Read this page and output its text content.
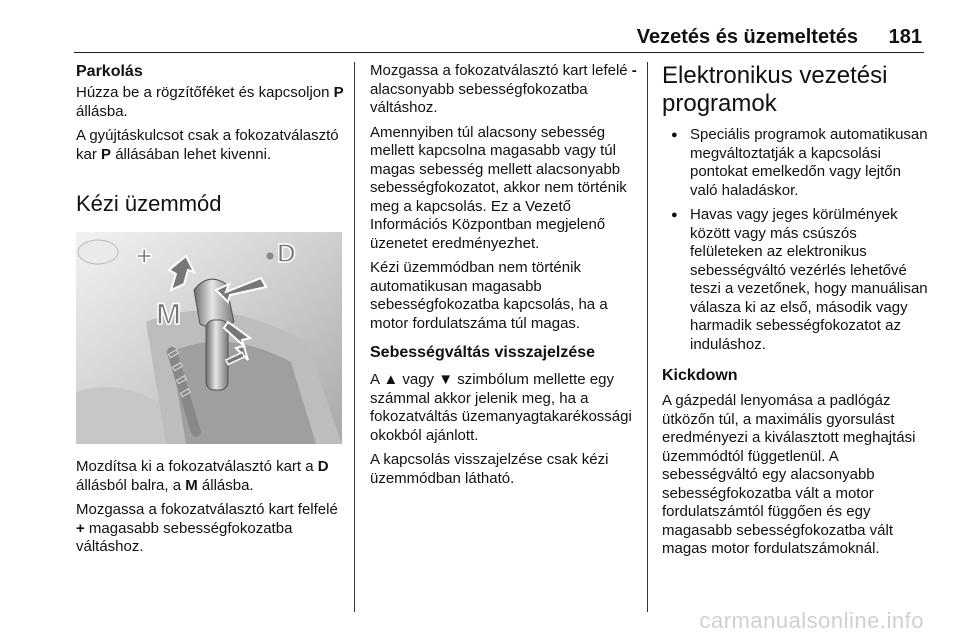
Vezetés és üzemeltetés 181
Parkolás

Húzza be a rögzítőféket és kapcsoljon P állásba.

A gyújtáskulcsot csak a fokozatválasztó kar P állásában lehet kivenni.

Kézi üzemmód
+	D
M

Mozdítsa ki a fokozatválasztó kart a D állásból balra, a M állásba.

Mozgassa a fokozatválasztó kart felfelé + magasabb sebességfokozatba váltáshoz.

Mozgassa a fokozatválasztó kart lefelé - alacsonyabb sebességfokozatba váltáshoz.

Amennyiben túl alacsony sebesség mellett kapcsolna magasabb vagy túl magas sebesség mellett alacsonyabb sebességfokozatot, akkor nem történik meg a kapcsolás. Ez a Vezető Információs Központban megjelenő üzenetet eredményezhet.

Kézi üzemmódban nem történik automatikusan magasabb sebességfokozatba kapcsolás, ha a motor fordulatszáma túl magas.

Sebességváltás visszajelzése

A ▲ vagy ▼ szimbólum mellette egy számmal akkor jelenik meg, ha a fokozatváltás üzemanyagtakarékossági okokból ajánlott.

A kapcsolás visszajelzése csak kézi üzemmódban látható.

Elektronikus vezetési programok
● Speciális programok automatikusan megváltoztatják a kapcsolási pontokat emelkedőn vagy lejtőn való haladáskor.
● Havas vagy jeges körülmények között vagy más csúszós felületeken az elektronikus sebességváltó vezérlés lehetővé teszi a vezetőnek, hogy manuálisan válasza ki az első, második vagy harmadik sebességfokozatot az induláshoz.
Kickdown

A gázpedál lenyomása a padlógáz ütközőn túl, a maximális gyorsulást eredményezi a kiválasztott meghajtási üzemmódtól függetlenül. A sebességváltó egy alacsonyabb sebességfokozatba vált a motor fordulatszámtól függően és egy magasabb sebességfokozatba vált magas motor fordulatszámoknál.

carmanualsonline.info
